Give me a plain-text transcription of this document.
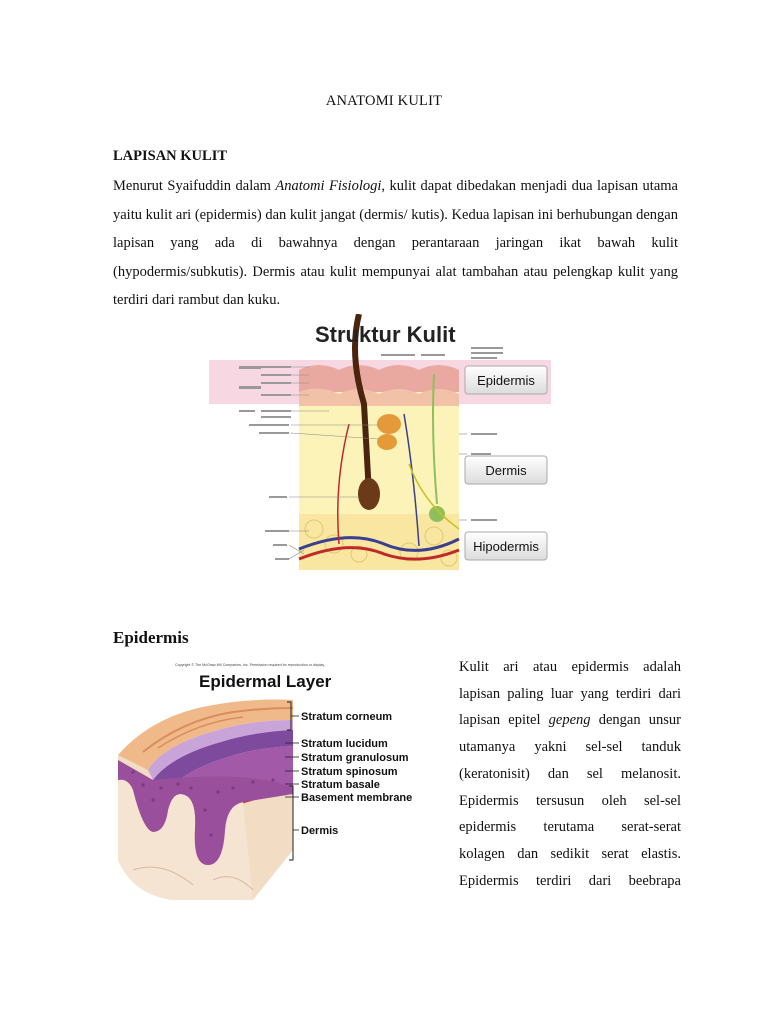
ANATOMI KULIT
LAPISAN KULIT

Menurut Syaifuddin dalam Anatomi Fisiologi, kulit dapat dibedakan menjadi dua lapisan utama yaitu kulit ari (epidermis) dan kulit jangat (dermis/ kutis). Kedua lapisan ini berhubungan dengan lapisan yang ada di bawahnya dengan perantaraan jaringan ikat bawah kulit (hypodermis/subkutis). Dermis atau kulit mempunyai alat tambahan atau pelengkap kulit yang terdiri dari rambut dan kuku.

Struktur Kulit
Epidermis
Dermis
Hipodermis
Epidermis
Copyright © The McGraw-Hill Companies, Inc. Permission required for reproduction or display.
Epidermal Layer
Stratum corneum
Stratum lucidum
Stratum granulosum
Stratum spinosum
Stratum basale
Basement membrane
Dermis

Kulit ari atau epidermis adalah lapisan paling luar yang terdiri dari lapisan epitel gepeng dengan unsur utamanya yakni sel-sel tanduk (keratonisit) dan sel melanosit. Epidermis tersusun oleh sel-sel epidermis terutama serat-serat kolagen dan sedikit serat elastis. Epidermis terdiri dari beebrapa
